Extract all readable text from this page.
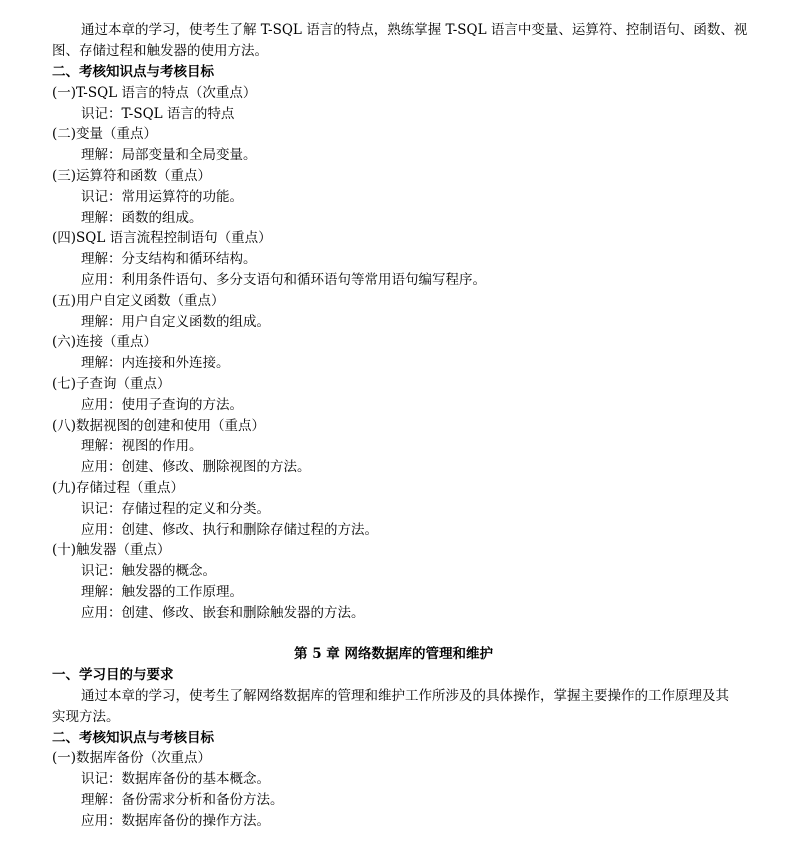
通过本章的学习，使考生了解 T-SQL 语言的特点，熟练掌握 T-SQL 语言中变量、运算符、控制语句、函数、视
图、存储过程和触发器的使用方法。
二、考核知识点与考核目标
(一)T-SQL 语言的特点（次重点）
识记：T-SQL 语言的特点
(二)变量（重点）
理解：局部变量和全局变量。
(三)运算符和函数（重点）
识记：常用运算符的功能。
理解：函数的组成。
(四)SQL 语言流程控制语句（重点）
理解：分支结构和循环结构。
应用：利用条件语句、多分支语句和循环语句等常用语句编写程序。
(五)用户自定义函数（重点）
理解：用户自定义函数的组成。
(六)连接（重点）
理解：内连接和外连接。
(七)子查询（重点）
应用：使用子查询的方法。
(八)数据视图的创建和使用（重点）
理解：视图的作用。
应用：创建、修改、删除视图的方法。
(九)存储过程（重点）
识记：存储过程的定义和分类。
应用：创建、修改、执行和删除存储过程的方法。
(十)触发器（重点）
识记：触发器的概念。
理解：触发器的工作原理。
应用：创建、修改、嵌套和删除触发器的方法。
第 5 章 网络数据库的管理和维护
一、学习目的与要求
通过本章的学习，使考生了解网络数据库的管理和维护工作所涉及的具体操作，掌握主要操作的工作原理及其
实现方法。
二、考核知识点与考核目标
(一)数据库备份（次重点）
识记：数据库备份的基本概念。
理解：备份需求分析和备份方法。
应用：数据库备份的操作方法。
